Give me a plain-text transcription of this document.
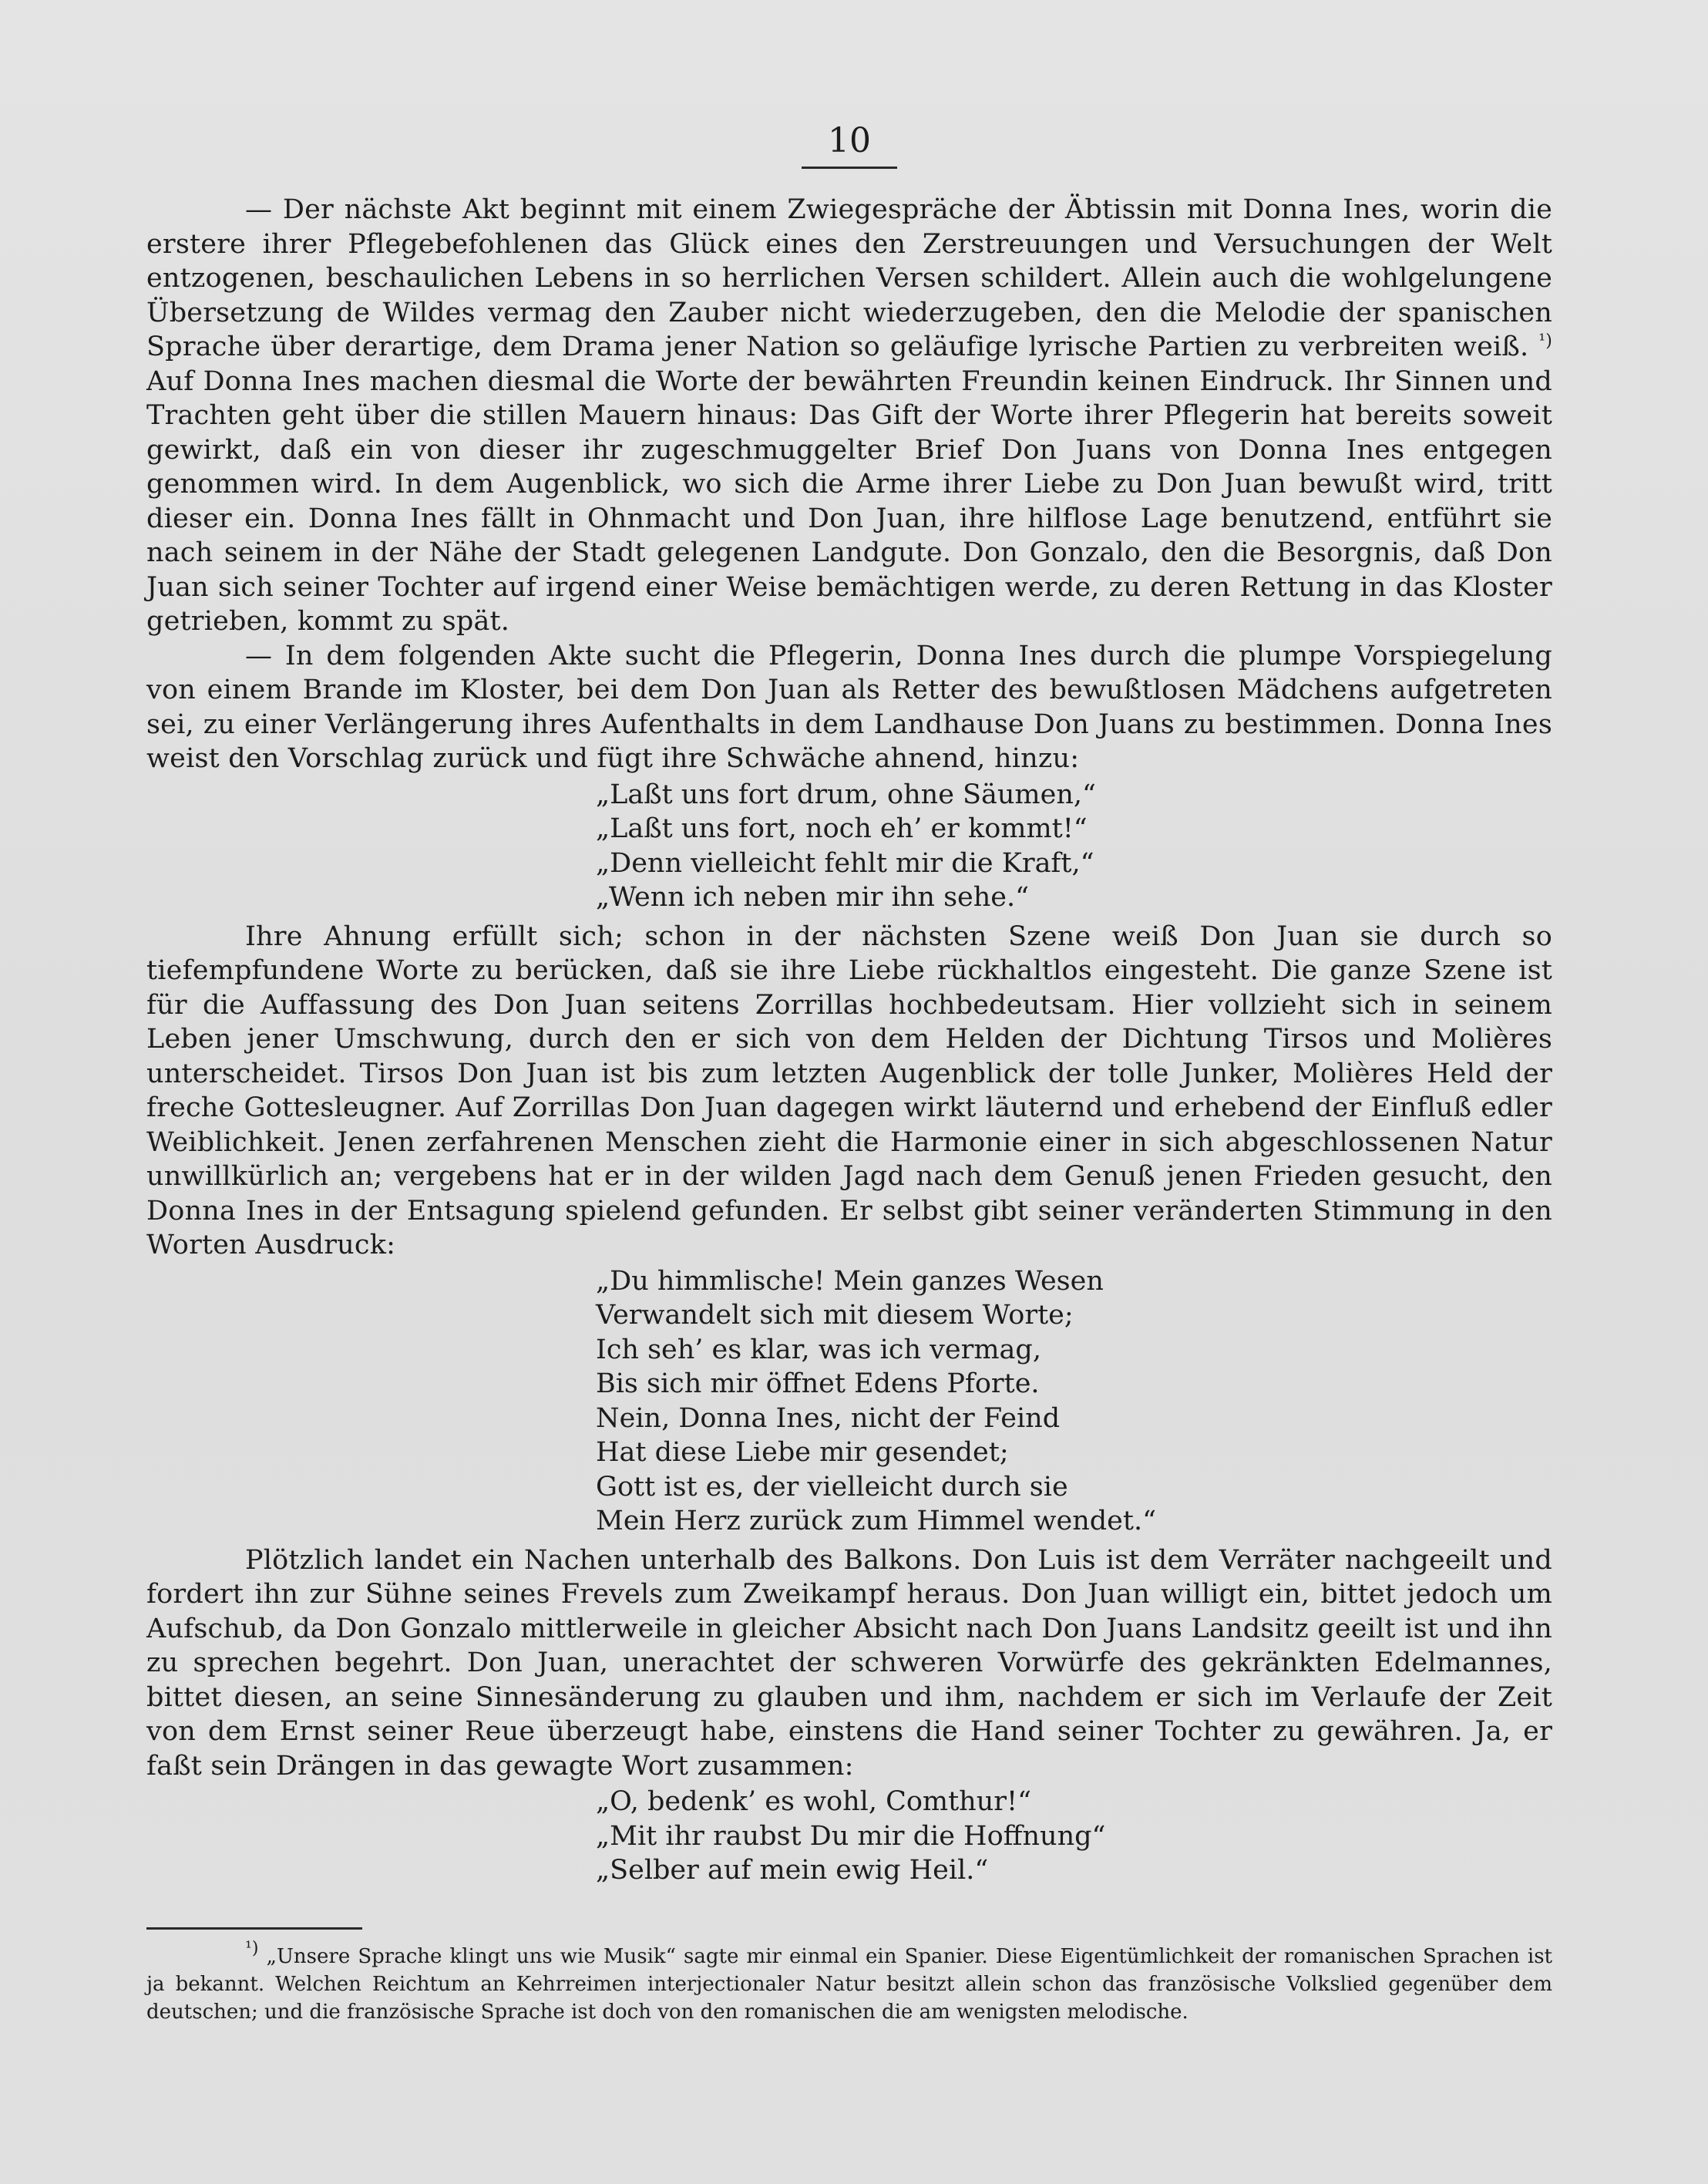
10

— Der nächste Akt beginnt mit einem Zwiegespräche der Äbtissin mit Donna Ines, worin die erstere ihrer Pflegebefohlenen das Glück eines den Zerstreuungen und Versuchungen der Welt entzogenen, beschaulichen Lebens in so herrlichen Versen schildert. Allein auch die wohlgelungene Übersetzung de Wildes vermag den Zauber nicht wiederzugeben, den die Melodie der spanischen Sprache über derartige, dem Drama jener Nation so geläufige lyrische Partien zu verbreiten weiß. $^{^1)}$ Auf Donna Ines machen diesmal die Worte der bewährten Freundin keinen Eindruck. Ihr Sinnen und Trachten geht über die stillen Mauern hinaus: Das Gift der Worte ihrer Pflegerin hat bereits soweit gewirkt, daß ein von dieser ihr zugeschmuggelter Brief Don Juans von Donna Ines entgegen genommen wird. In dem Augenblick, wo sich die Arme ihrer Liebe zu Don Juan bewußt wird, tritt dieser ein. Donna Ines fällt in Ohnmacht und Don Juan, ihre hilflose Lage benutzend, entführt sie nach seinem in der Nähe der Stadt gelegenen Landgute. Don Gonzalo, den die Besorgnis, daß Don Juan sich seiner Tochter auf irgend einer Weise bemächtigen werde, zu deren Rettung in das Kloster getrieben, kommt zu spät.

— In dem folgenden Akte sucht die Pflegerin, Donna Ines durch die plumpe Vorspiegelung von einem Brande im Kloster, bei dem Don Juan als Retter des bewußtlosen Mädchens aufgetreten sei, zu einer Verlängerung ihres Aufenthalts in dem Landhause Don Juans zu bestimmen. Donna Ines weist den Vorschlag zurück und fügt ihre Schwäche ahnend, hinzu:

„Laßt uns fort drum, ohne Säumen,“
„Laßt uns fort, noch eh’ er kommt!“
„Denn vielleicht fehlt mir die Kraft,“
„Wenn ich neben mir ihn sehe.“

Ihre Ahnung erfüllt sich; schon in der nächsten Szene weiß Don Juan sie durch so tiefempfundene Worte zu berücken, daß sie ihre Liebe rückhaltlos eingesteht. Die ganze Szene ist für die Auffassung des Don Juan seitens Zorrillas hochbedeutsam. Hier vollzieht sich in seinem Leben jener Umschwung, durch den er sich von dem Helden der Dichtung Tirsos und Molières unterscheidet. Tirsos Don Juan ist bis zum letzten Augenblick der tolle Junker, Molières Held der freche Gottesleugner. Auf Zorrillas Don Juan dagegen wirkt läuternd und erhebend der Einfluß edler Weiblichkeit. Jenen zerfahrenen Menschen zieht die Harmonie einer in sich abgeschlossenen Natur unwillkürlich an; vergebens hat er in der wilden Jagd nach dem Genuß jenen Frieden gesucht, den Donna Ines in der Entsagung spielend gefunden. Er selbst gibt seiner veränderten Stimmung in den Worten Ausdruck:

„Du himmlische! Mein ganzes Wesen
Verwandelt sich mit diesem Worte;
Ich seh’ es klar, was ich vermag,
Bis sich mir öffnet Edens Pforte.
Nein, Donna Ines, nicht der Feind
Hat diese Liebe mir gesendet;
Gott ist es, der vielleicht durch sie
Mein Herz zurück zum Himmel wendet.“

Plötzlich landet ein Nachen unterhalb des Balkons. Don Luis ist dem Verräter nachgeeilt und fordert ihn zur Sühne seines Frevels zum Zweikampf heraus. Don Juan willigt ein, bittet jedoch um Aufschub, da Don Gonzalo mittlerweile in gleicher Absicht nach Don Juans Landsitz geeilt ist und ihn zu sprechen begehrt. Don Juan, unerachtet der schweren Vorwürfe des gekränkten Edelmannes, bittet diesen, an seine Sinnesänderung zu glauben und ihm, nachdem er sich im Verlaufe der Zeit von dem Ernst seiner Reue überzeugt habe, einstens die Hand seiner Tochter zu gewähren. Ja, er faßt sein Drängen in das gewagte Wort zusammen:

„O, bedenk’ es wohl, Comthur!“
„Mit ihr raubst Du mir die Hoffnung“
„Selber auf mein ewig Heil.“

$^{^1)}$ „Unsere Sprache klingt uns wie Musik“ sagte mir einmal ein Spanier. Diese Eigentümlichkeit der romanischen Sprachen ist ja bekannt. Welchen Reichtum an Kehrreimen interjectionaler Natur besitzt allein schon das französische Volkslied gegenüber dem deutschen; und die französische Sprache ist doch von den romanischen die am wenigsten melodische.
